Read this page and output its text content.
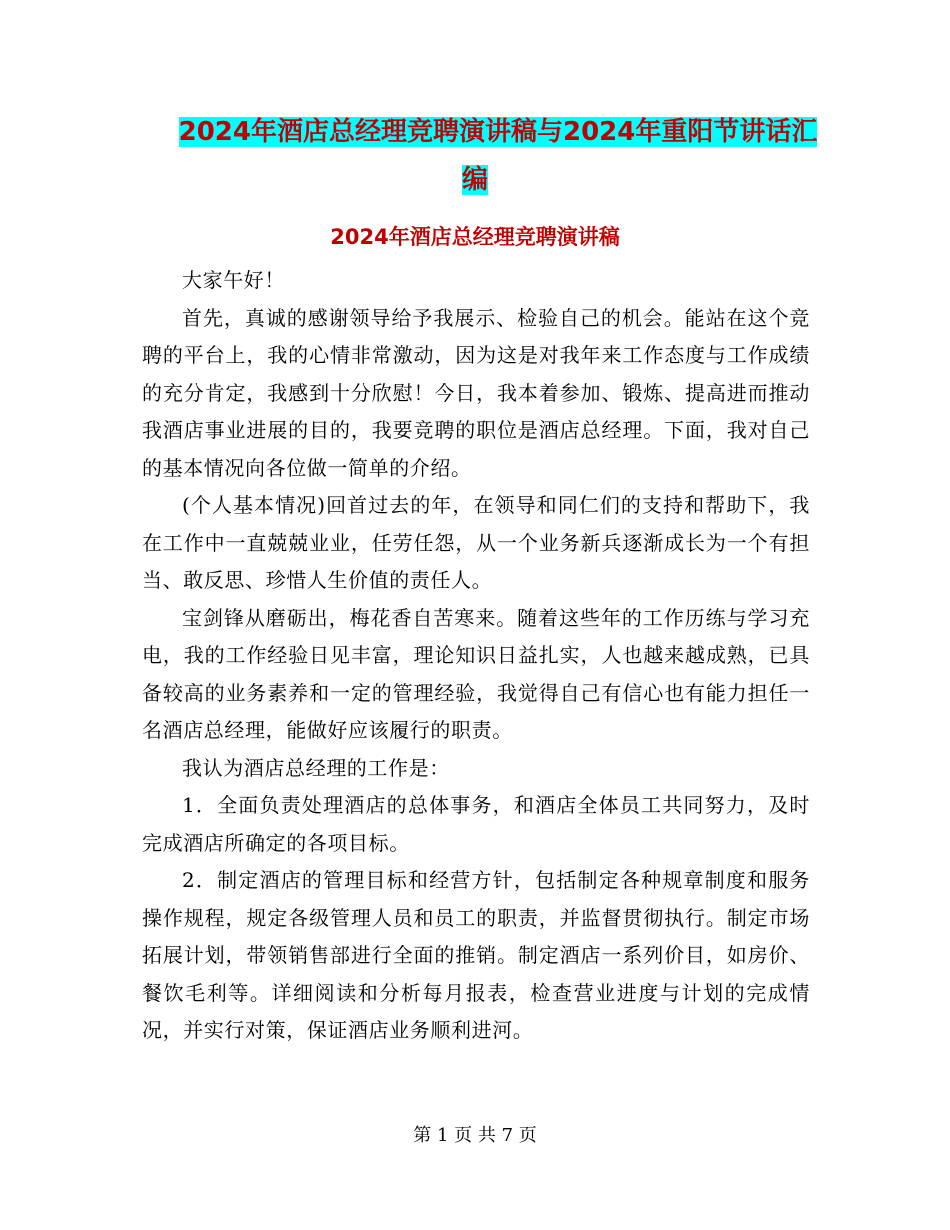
2024年酒店总经理竞聘演讲稿与2024年重阳节讲话汇
编
2024年酒店总经理竞聘演讲稿

大家午好！

首先，真诚的感谢领导给予我展示、检验自己的机会。能站在这个竞聘的平台上，我的心情非常激动，因为这是对我年来工作态度与工作成绩的充分肯定，我感到十分欣慰！今日，我本着参加、锻炼、提高进而推动我酒店事业进展的目的，我要竞聘的职位是酒店总经理。下面，我对自己的基本情况向各位做一简单的介绍。

(个人基本情况)回首过去的年，在领导和同仁们的支持和帮助下，我在工作中一直兢兢业业，任劳任怨，从一个业务新兵逐渐成长为一个有担当、敢反思、珍惜人生价值的责任人。

宝剑锋从磨砺出，梅花香自苦寒来。随着这些年的工作历练与学习充电，我的工作经验日见丰富，理论知识日益扎实，人也越来越成熟，已具备较高的业务素养和一定的管理经验，我觉得自己有信心也有能力担任一名酒店总经理，能做好应该履行的职责。

我认为酒店总经理的工作是：

1．全面负责处理酒店的总体事务，和酒店全体员工共同努力，及时完成酒店所确定的各项目标。

2．制定酒店的管理目标和经营方针，包括制定各种规章制度和服务操作规程，规定各级管理人员和员工的职责，并监督贯彻执行。制定市场拓展计划，带领销售部进行全面的推销。制定酒店一系列价目，如房价、餐饮毛利等。详细阅读和分析每月报表，检查营业进度与计划的完成情况，并实行对策，保证酒店业务顺利进河。

第 1 页 共 7 页
